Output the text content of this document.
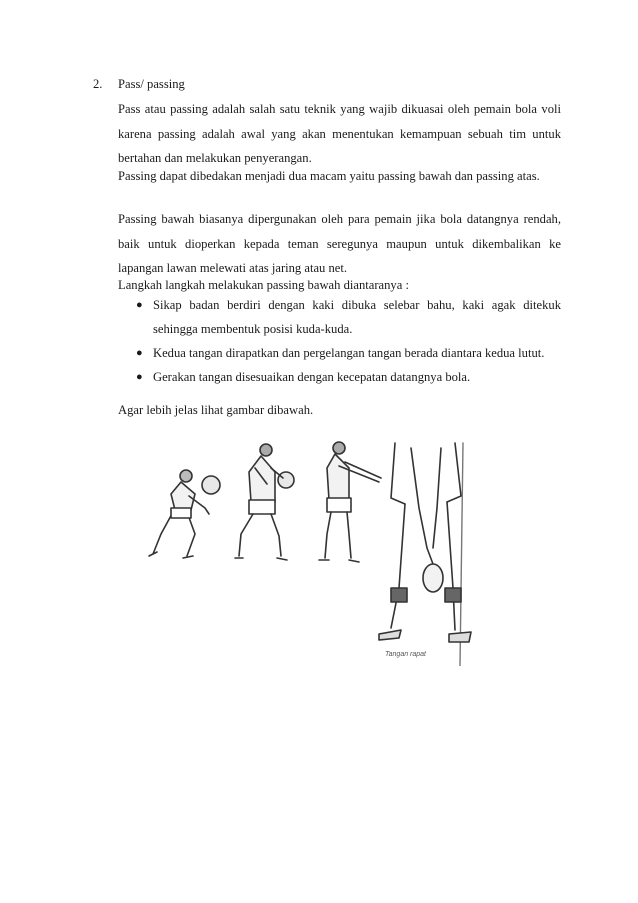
2. Pass/ passing
Pass atau passing adalah salah satu teknik yang wajib dikuasai oleh pemain bola voli
karena passing adalah awal yang akan menentukan kemampuan sebuah tim untuk
bertahan dan melakukan penyerangan.
Passing dapat dibedakan menjadi dua macam yaitu passing bawah dan passing atas.
Passing bawah biasanya dipergunakan oleh para pemain jika bola datangnya rendah,
baik untuk dioperkan kepada teman seregunya maupun untuk dikembalikan ke
lapangan lawan melewati atas jaring atau net.
Langkah langkah melakukan passing bawah diantaranya :
● Sikap badan berdiri dengan kaki dibuka selebar bahu, kaki agak ditekuk
sehingga membentuk posisi kuda-kuda.
● Kedua tangan dirapatkan dan pergelangan tangan berada diantara kedua lutut.
● Gerakan tangan disesuaikan dengan kecepatan datangnya bola.
Agar lebih jelas lihat gambar dibawah.
Tangan rapat
